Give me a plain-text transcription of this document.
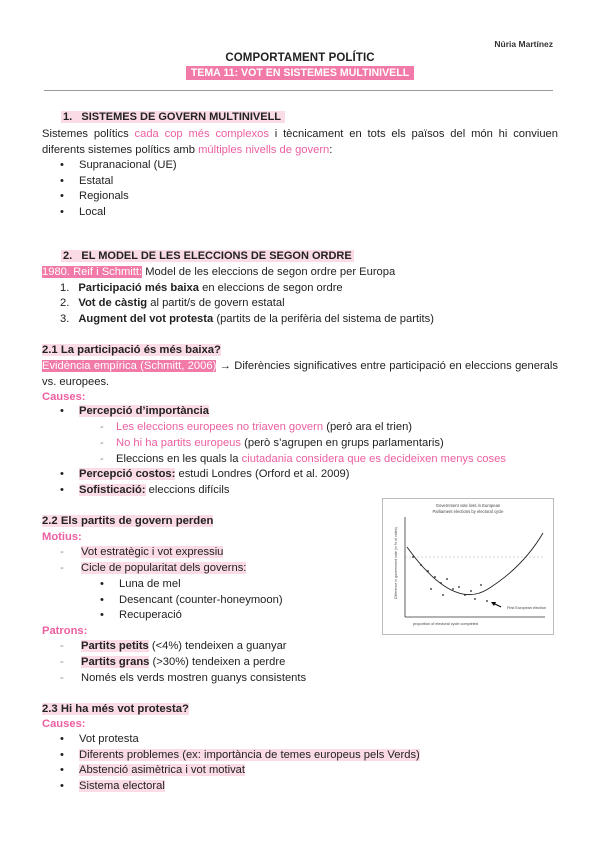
Núria Martínez
COMPORTAMENT POLÍTIC
TEMA 11: VOT EN SISTEMES MULTINIVELL
1. SISTEMES DE GOVERN MULTINIVELL
Sistemes polítics cada cop més complexos i tècnicament en tots els països del món hi conviuen diferents sistemes polítics amb múltiples nivells de govern:
• Supranacional (UE)
• Estatal
• Regionals
• Local
2. EL MODEL DE LES ELECCIONS DE SEGON ORDRE
1980. Reif i Schmitt: Model de les eleccions de segon ordre per Europa
1. Participació més baixa en eleccions de segon ordre
2. Vot de càstig al partit/s de govern estatal
3. Augment del vot protesta (partits de la perifèria del sistema de partits)
2.1 La participació és més baixa?
Evidència empírica (Schmitt, 2006) → Diferències significatives entre participació en eleccions generals vs. europees.
Causes:
• Percepció d’importància
- Les eleccions europees no triaven govern (però ara el trien)
- No hi ha partits europeus (però s’agrupen en grups parlamentaris)
- Eleccions en les quals la ciutadania considera que es decideixen menys coses
• Percepció costos: estudi Londres (Orford et al. 2009)
• Sofisticació: eleccions difícils
2.2 Els partits de govern perden
Motius:
- Vot estratègic i vot expressiu
- Cicle de popularitat dels governs:
• Luna de mel
• Desencant (counter-honeymoon)
• Recuperació
Patrons:
- Partits petits (<4%) tendeixen a guanyar
- Partits grans (>30%) tendeixen a perdre
- Només els verds mostren guanys consistents
Government vote loss in European
Parliament elections by electoral cycle
Difference in government vote (in % of votes)
proportion of electoral cycle completed
First European election
2.3 Hi ha més vot protesta?
Causes:
• Vot protesta
• Diferents problemes (ex: importància de temes europeus pels Verds)
• Abstenció asimètrica i vot motivat
• Sistema electoral
